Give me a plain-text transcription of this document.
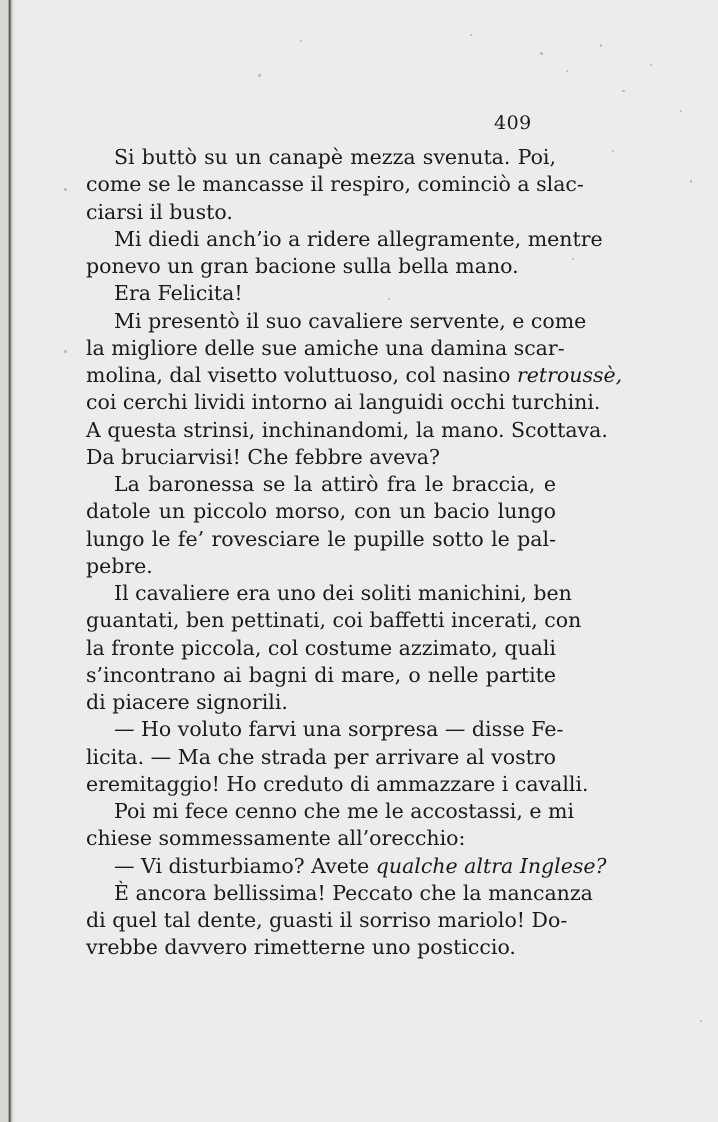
409
Si buttò su un canapè mezza svenuta. Poi,
come se le mancasse il respiro, cominciò a slac-
ciarsi il busto.
Mi diedi anch’io a ridere allegramente, mentre
ponevo un gran bacione sulla bella mano.
Era Felicita!
Mi presentò il suo cavaliere servente, e come
la migliore delle sue amiche una damina scar-
molina, dal visetto voluttuoso, col nasino retroussè,
coi cerchi lividi intorno ai languidi occhi turchini.
A questa strinsi, inchinandomi, la mano. Scottava.
Da bruciarvisi! Che febbre aveva?
La baronessa se la attirò fra le braccia, e
datole un piccolo morso, con un bacio lungo
lungo le fe’ rovesciare le pupille sotto le pal-
pebre.
Il cavaliere era uno dei soliti manichini, ben
guantati, ben pettinati, coi baffetti incerati, con
la fronte piccola, col costume azzimato, quali
s’incontrano ai bagni di mare, o nelle partite
di piacere signorili.
— Ho voluto farvi una sorpresa — disse Fe-
licita. — Ma che strada per arrivare al vostro
eremitaggio! Ho creduto di ammazzare i cavalli.
Poi mi fece cenno che me le accostassi, e mi
chiese sommessamente all’orecchio:
— Vi disturbiamo? Avete qualche altra Inglese?
È ancora bellissima! Peccato che la mancanza
di quel tal dente, guasti il sorriso mariolo! Do-
vrebbe davvero rimetterne uno posticcio.
